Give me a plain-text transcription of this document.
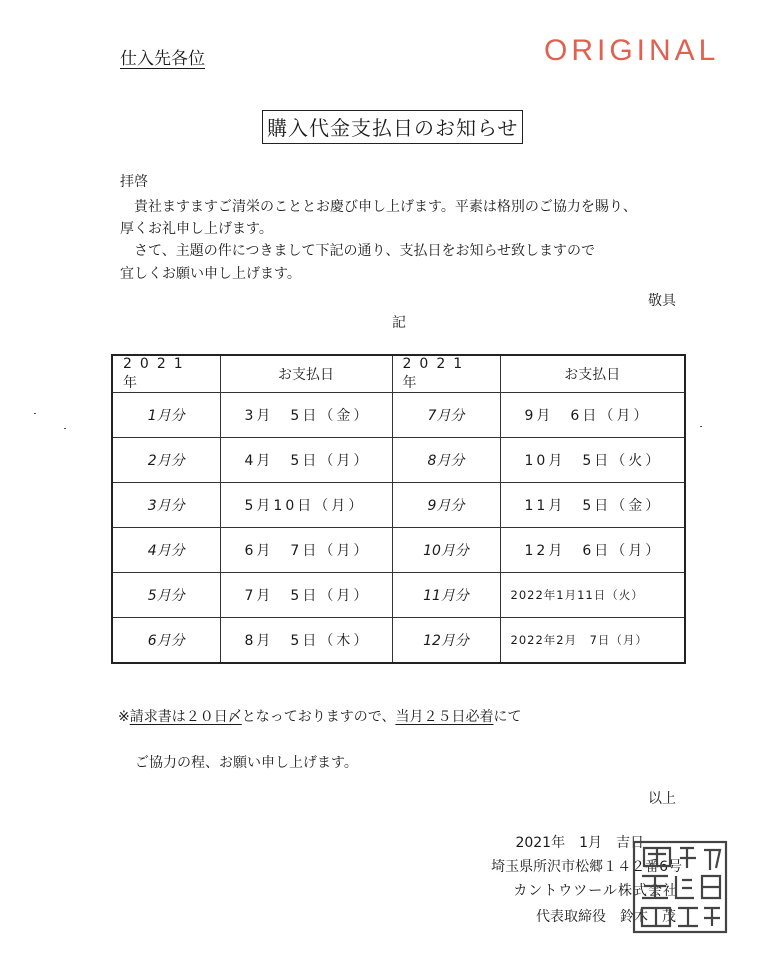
仕入先各位	ORIGINAL
購入代金支払日のお知らせ
拝啓
　貴社ますますご清栄のこととお慶び申し上げます。平素は格別のご協力を賜り、
厚くお礼申し上げます。
　さて、主題の件につきまして下記の通り、支払日をお知らせ致しますので
宜しくお願い申し上げます。
敬具
記
2021 年	お支払日	2021 年	お支払日
1月分	3月　5日（金）	7月分	9月　6日（月）
2月分	4月　5日（月）	8月分	10月　5日（火）
3月分	5月10日（月）	9月分	11月　5日（金）
4月分	6月　7日（月）	10月分	12月　6日（月）
5月分	7月　5日（月）	11月分	2022年1月11日（火）
6月分	8月　5日（木）	12月分	2022年2月　7日（月）
※請求書は２０日〆となっておりますので、当月２５日必着にて
ご協力の程、お願い申し上げます。
以上
2021年　1月　吉日
埼玉県所沢市松郷１４２番6号
カントウツール株式会社
代表取締役　鈴木　茂
